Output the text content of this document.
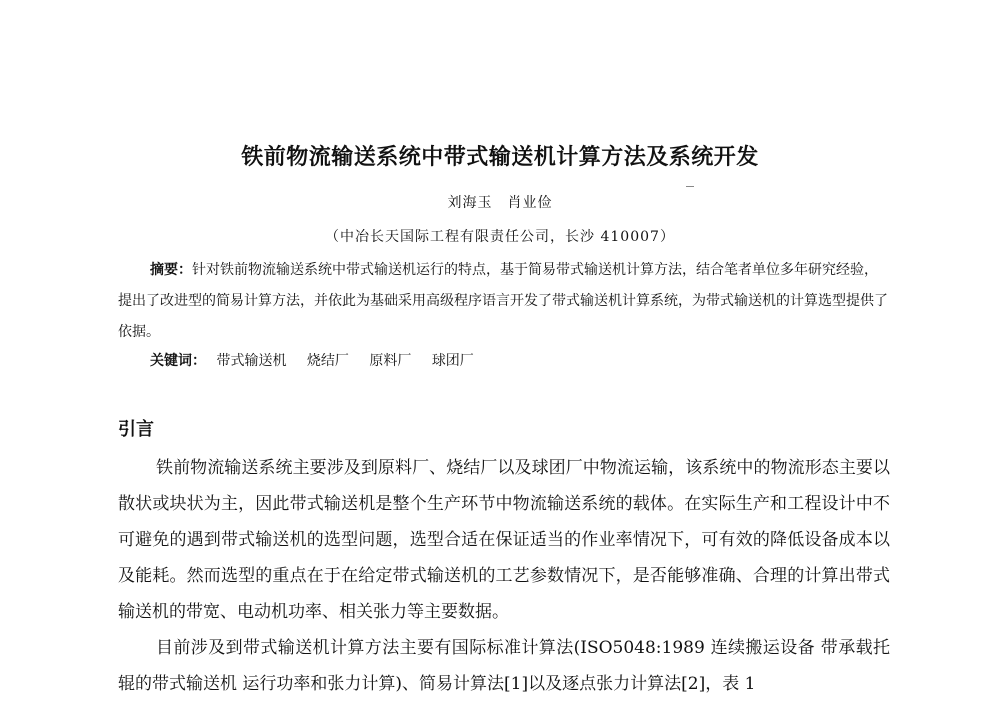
铁前物流输送系统中带式输送机计算方法及系统开发
刘海玉　肖业俭
（中冶长天国际工程有限责任公司，长沙 410007）

摘要：针对铁前物流输送系统中带式输送机运行的特点，基于简易带式输送机计算方法，结合笔者单位多年研究经验，提出了改进型的简易计算方法，并依此为基础采用高级程序语言开发了带式输送机计算系统，为带式输送机的计算选型提供了依据。

关键词： 带式输送机 烧结厂 原料厂 球团厂

引言

铁前物流输送系统主要涉及到原料厂、烧结厂以及球团厂中物流运输，该系统中的物流形态主要以散状或块状为主，因此带式输送机是整个生产环节中物流输送系统的载体。在实际生产和工程设计中不可避免的遇到带式输送机的选型问题，选型合适在保证适当的作业率情况下，可有效的降低设备成本以及能耗。然而选型的重点在于在给定带式输送机的工艺参数情况下，是否能够准确、合理的计算出带式输送机的带宽、电动机功率、相关张力等主要数据。

目前涉及到带式输送机计算方法主要有国际标准计算法(ISO5048:1989 连续搬运设备 带承载托辊的带式输送机 运行功率和张力计算)、简易计算法[1]以及逐点张力计算法[2]，表 1
